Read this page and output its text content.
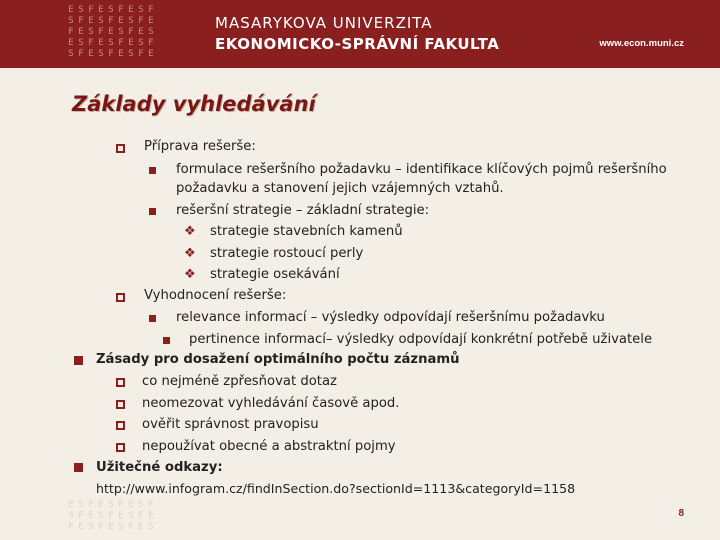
E S F E S F E S F
S F E S F E S F E
F E S F E S F E S
E S F E S F E S F
S F E S F E S F E
MASARYKOVA UNIVERZITA
EKONOMICKO-SPRÁVNÍ FAKULTA	www.econ.muni.cz
Základy vyhledávání
Příprava rešerše:
formulace rešeršního požadavku – identifikace klíčových pojmů rešeršního
požadavku a stanovení jejich vzájemných vztahů.
rešeršní strategie – základní strategie:
❖ strategie stavebních kamenů
❖ strategie rostoucí perly
❖ strategie osekávání
Vyhodnocení rešerše:
relevance informací – výsledky odpovídají rešeršnímu požadavku
pertinence informací– výsledky odpovídají konkrétní potřebě uživatele
Zásady pro dosažení optimálního počtu záznamů
co nejméně zpřesňovat dotaz
neomezovat vyhledávání časově apod.
ověřit správnost pravopisu
nepoužívat obecné a abstraktní pojmy
Užitečné odkazy:
http://www.infogram.cz/findInSection.do?sectionId=1113&categoryId=1158
E S F E S F E S F
S F E S F E S F E
F E S F E S F E S
8
